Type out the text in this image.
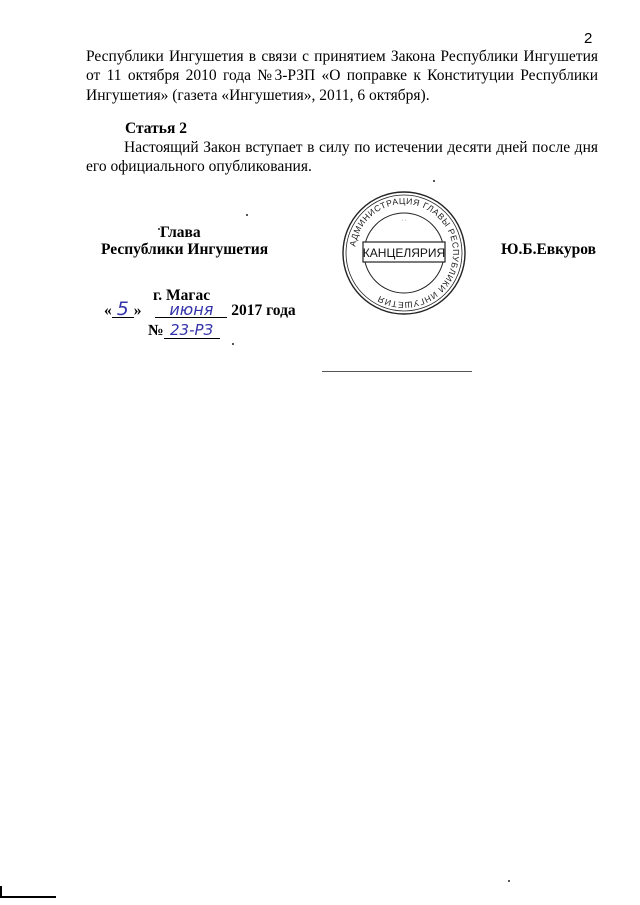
2
Республики Ингушетия в связи с принятием Закона Республики Ингушетия от 11 октября 2010 года №3-РЗП «О поправке к Конституции Республики Ингушетия» (газета «Ингушетия», 2011, 6 октября).
Статья 2
Настоящий Закон вступает в силу по истечении десяти дней после дня его официального опубликования.
Глава
Республики Ингушетия	Ю.Б.Евкуров
АДМИНИСТРАЦИЯ ГЛАВЫ РЕСПУБЛИКИ ИНГУШЕТИЯ
КАНЦЕЛЯРИЯ
· ·
г. Магас
« 5 » июня 2017 года
№ 23-РЗ
